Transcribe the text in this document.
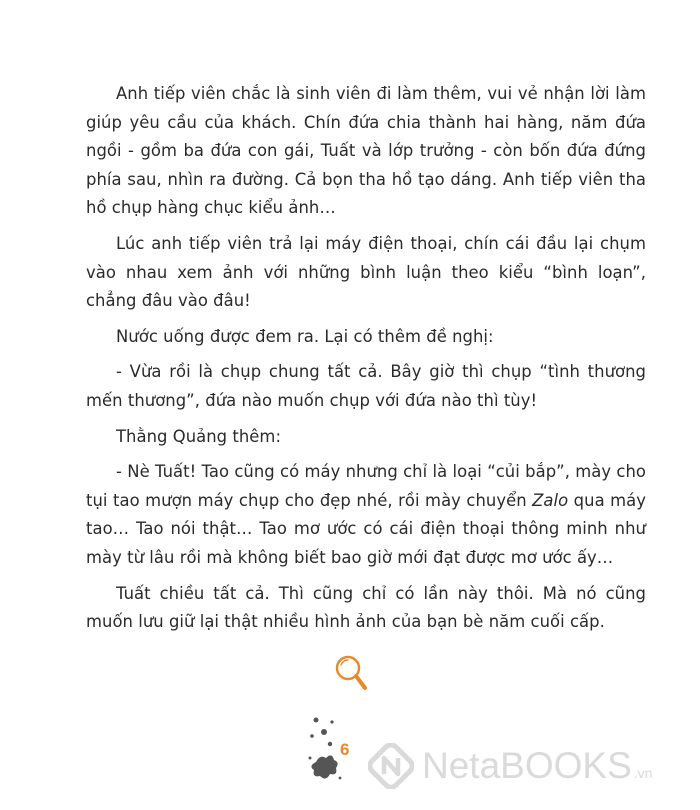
Anh tiếp viên chắc là sinh viên đi làm thêm, vui vẻ nhận lời làm giúp yêu cầu của khách. Chín đứa chia thành hai hàng, năm đứa ngồi - gồm ba đứa con gái, Tuất và lớp trưởng - còn bốn đứa đứng phía sau, nhìn ra đường. Cả bọn tha hồ tạo dáng. Anh tiếp viên tha hồ chụp hàng chục kiểu ảnh…

Lúc anh tiếp viên trả lại máy điện thoại, chín cái đầu lại chụm vào nhau xem ảnh với những bình luận theo kiểu “bình loạn”, chẳng đâu vào đâu!

Nước uống được đem ra. Lại có thêm đề nghị:

- Vừa rồi là chụp chung tất cả. Bây giờ thì chụp “tình thương mến thương”, đứa nào muốn chụp với đứa nào thì tùy!

Thằng Quảng thêm:

- Nè Tuất! Tao cũng có máy nhưng chỉ là loại “củi bắp”, mày cho tụi tao mượn máy chụp cho đẹp nhé, rồi mày chuyển Zalo qua máy tao… Tao nói thật… Tao mơ ước có cái điện thoại thông minh như mày từ lâu rồi mà không biết bao giờ mới đạt được mơ ước ấy…

Tuất chiều tất cả. Thì cũng chỉ có lần này thôi. Mà nó cũng muốn lưu giữ lại thật nhiều hình ảnh của bạn bè năm cuối cấp.

6 NetaBOOKS .vn
